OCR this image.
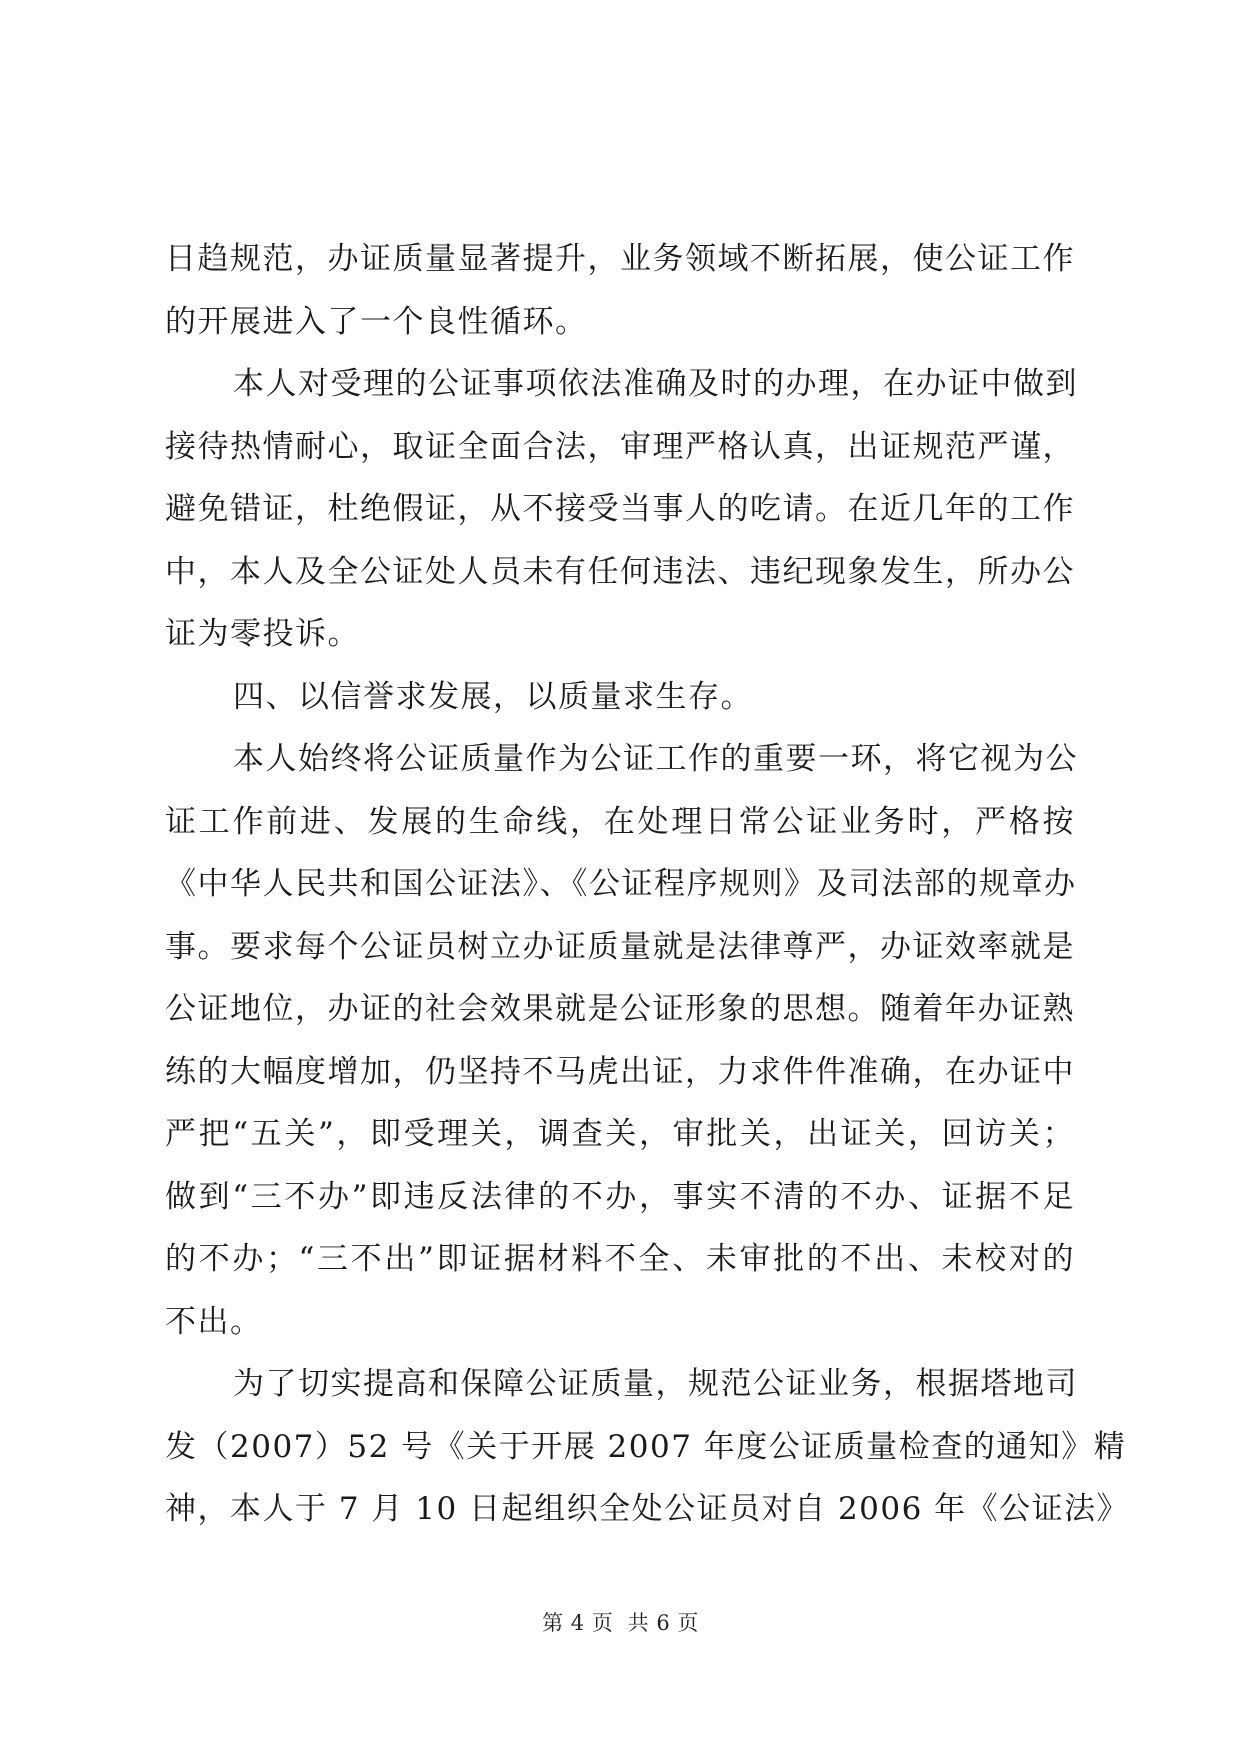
日趋规范，办证质量显著提升，业务领域不断拓展，使公证工作
的开展进入了一个良性循环。
本人对受理的公证事项依法准确及时的办理，在办证中做到
接待热情耐心，取证全面合法，审理严格认真，出证规范严谨，
避免错证，杜绝假证，从不接受当事人的吃请。在近几年的工作
中，本人及全公证处人员未有任何违法、违纪现象发生，所办公
证为零投诉。
四、以信誉求发展，以质量求生存。
本人始终将公证质量作为公证工作的重要一环，将它视为公
证工作前进、发展的生命线，在处理日常公证业务时，严格按
《中华人民共和国公证法》、《公证程序规则》及司法部的规章办
事。要求每个公证员树立办证质量就是法律尊严，办证效率就是
公证地位，办证的社会效果就是公证形象的思想。随着年办证熟
练的大幅度增加，仍坚持不马虎出证，力求件件准确，在办证中
严把“五关”，即受理关，调查关，审批关，出证关，回访关；
做到“三不办”即违反法律的不办，事实不清的不办、证据不足
的不办；“三不出”即证据材料不全、未审批的不出、未校对的
不出。
为了切实提高和保障公证质量，规范公证业务，根据塔地司
发（2007）52 号《关于开展 2007 年度公证质量检查的通知》精
神，本人于 7 月 10 日起组织全处公证员对自 2006 年《公证法》
第 4 页  共 6 页
